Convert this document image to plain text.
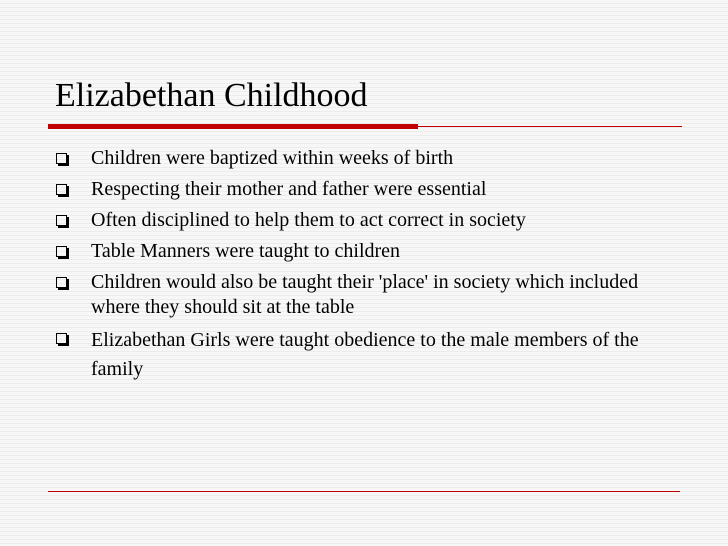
Elizabethan Childhood
Children were baptized within weeks of birth
Respecting their mother and father were essential
Often disciplined to help them to act correct in society
Table Manners were taught to children
Children would also be taught their 'place' in society which included where they should sit at the table
Elizabethan Girls were taught obedience to the male members of the family
